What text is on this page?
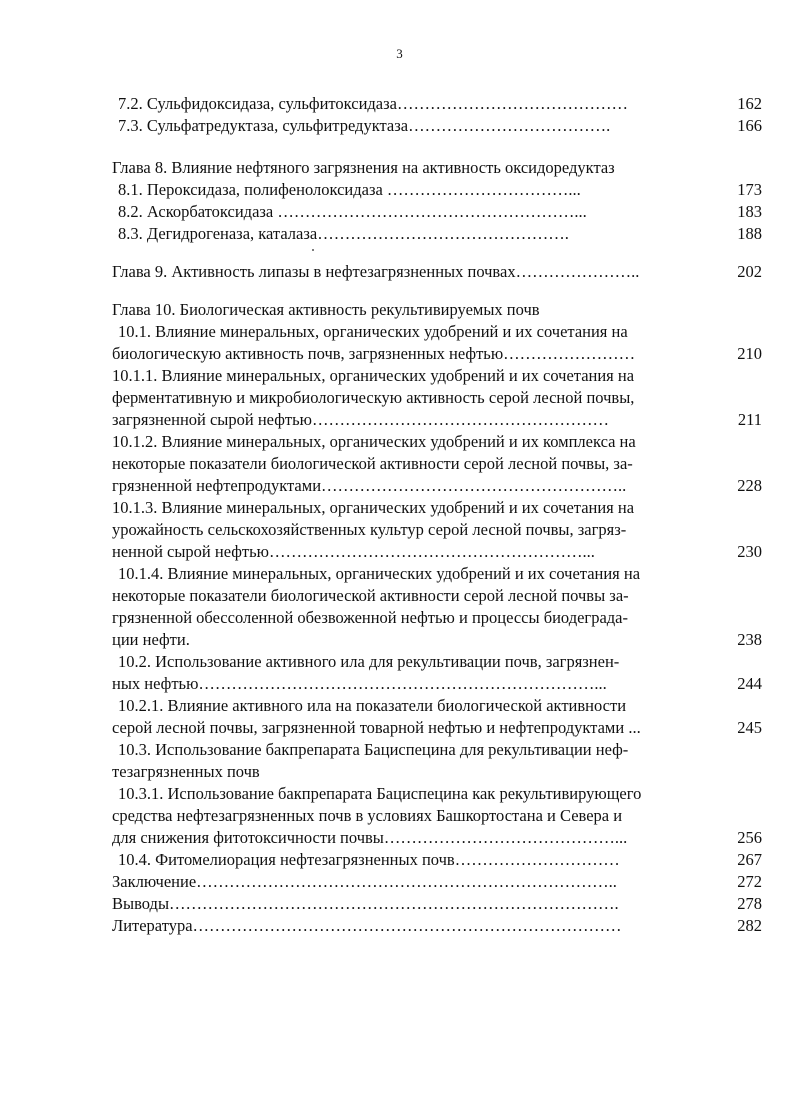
3
7.2. Сульфидоксидаза, сульфитоксидаза……………………………………	162
7.3. Сульфатредуктаза, сульфитредуктаза……………………………….	166
Глава 8. Влияние нефтяного загрязнения на активность оксидоредуктаз
8.1. Пероксидаза, полифенолоксидаза ……………………………...	173
8.2. Аскорбатоксидаза ………………………………………………...	183
8.3. Дегидрогеназа, каталаза……………………………………….	188
Глава 9. Активность липазы в нефтезагрязненных почвах…………………..	202
Глава 10. Биологическая активность рекультивируемых почв
10.1. Влияние минеральных, органических удобрений и их сочетания на
биологическую активность почв, загрязненных нефтью……………………	210
10.1.1. Влияние минеральных, органических удобрений и их сочетания на
ферментативную и микробиологическую активность серой лесной почвы,
загрязненной сырой нефтью………………………………………………	211
10.1.2. Влияние минеральных, органических удобрений и их комплекса на
некоторые показатели биологической активности серой лесной почвы, за-
грязненной нефтепродуктами………………………………………………..	228
10.1.3. Влияние минеральных, органических удобрений и их сочетания на
урожайность сельскохозяйственных культур серой лесной почвы, загряз-
ненной сырой нефтью…………………………………………………...	230
10.1.4. Влияние минеральных, органических удобрений и их сочетания на
некоторые показатели биологической активности серой лесной почвы за-
грязненной обессоленной обезвоженной нефтью и процессы биодеграда-
ции нефти.	238
10.2. Использование активного ила для рекультивации почв, загрязнен-
ных нефтью………………………………………………………………...	244
10.2.1. Влияние активного ила на показатели биологической активности
серой лесной почвы, загрязненной товарной нефтью и нефтепродуктами ...	245
10.3. Использование бакпрепарата Бациспецина для рекультивации неф-
тезагрязненных почв
10.3.1. Использование бакпрепарата Бациспецина как рекультивирующего
средства нефтезагрязненных почв в условиях Башкортостана и Севера и
для снижения фитотоксичности почвы……………………………………...	256
10.4. Фитомелиорация нефтезагрязненных почв…………………………	267
Заключение…………………………………………………………………..	272
Выводы……………………………………………………………………….	278
Литература……………………………………………………………………	282
